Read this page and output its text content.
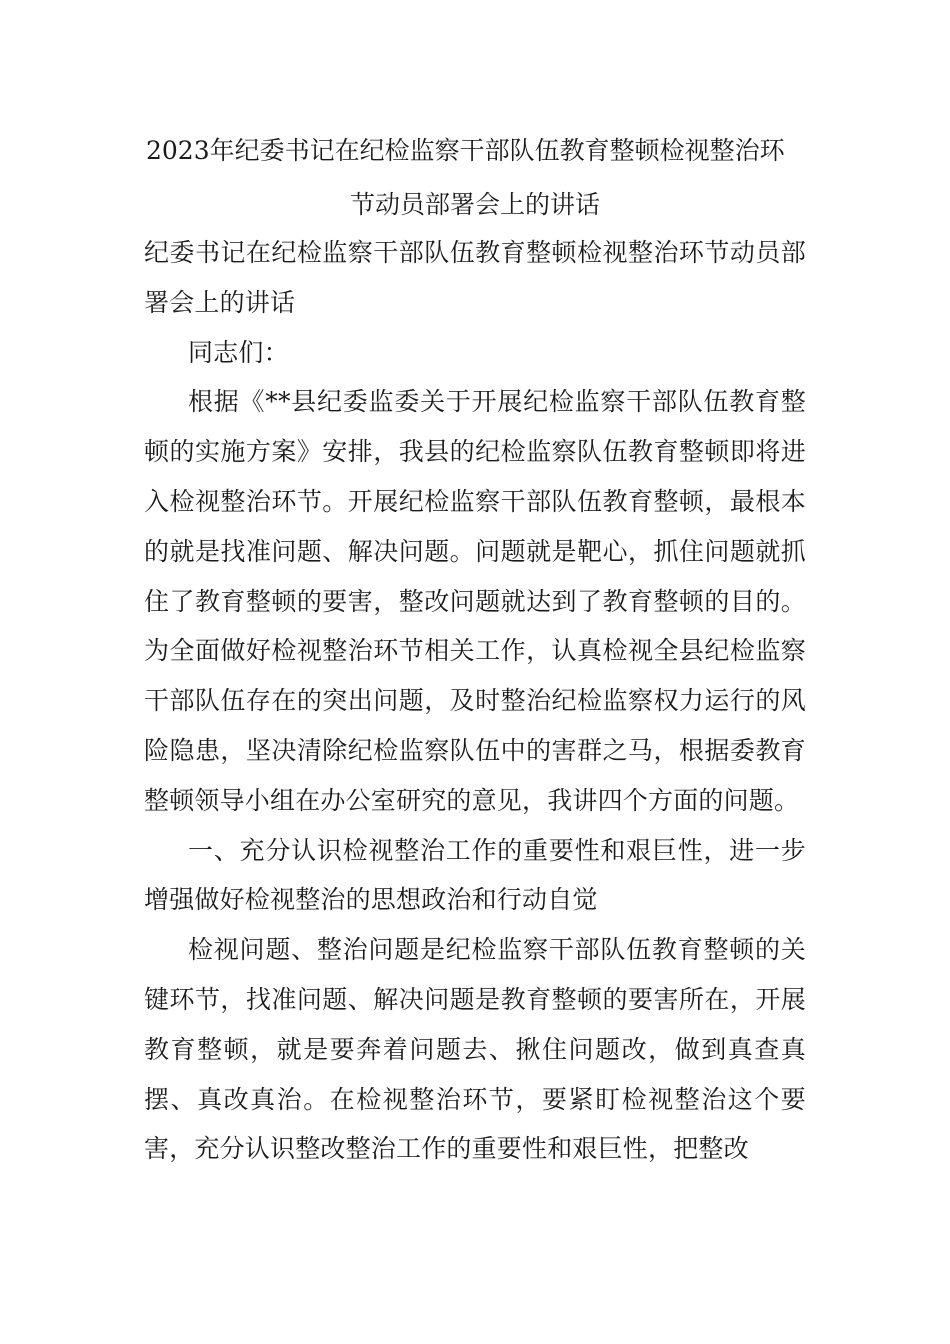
2023年纪委书记在纪检监察干部队伍教育整顿检视整治环
节动员部署会上的讲话

纪委书记在纪检监察干部队伍教育整顿检视整治环节动员部署会上的讲话

同志们：

根据《**县纪委监委关于开展纪检监察干部队伍教育整顿的实施方案》安排，我县的纪检监察队伍教育整顿即将进入检视整治环节。开展纪检监察干部队伍教育整顿，最根本的就是找准问题、解决问题。问题就是靶心，抓住问题就抓住了教育整顿的要害，整改问题就达到了教育整顿的目的。为全面做好检视整治环节相关工作，认真检视全县纪检监察干部队伍存在的突出问题，及时整治纪检监察权力运行的风险隐患，坚决清除纪检监察队伍中的害群之马，根据委教育整顿领导小组在办公室研究的意见，我讲四个方面的问题。

一、充分认识检视整治工作的重要性和艰巨性，进一步增强做好检视整治的思想政治和行动自觉

检视问题、整治问题是纪检监察干部队伍教育整顿的关键环节，找准问题、解决问题是教育整顿的要害所在，开展教育整顿，就是要奔着问题去、揪住问题改，做到真查真摆、真改真治。在检视整治环节，要紧盯检视整治这个要害，充分认识整改整治工作的重要性和艰巨性，把整改
